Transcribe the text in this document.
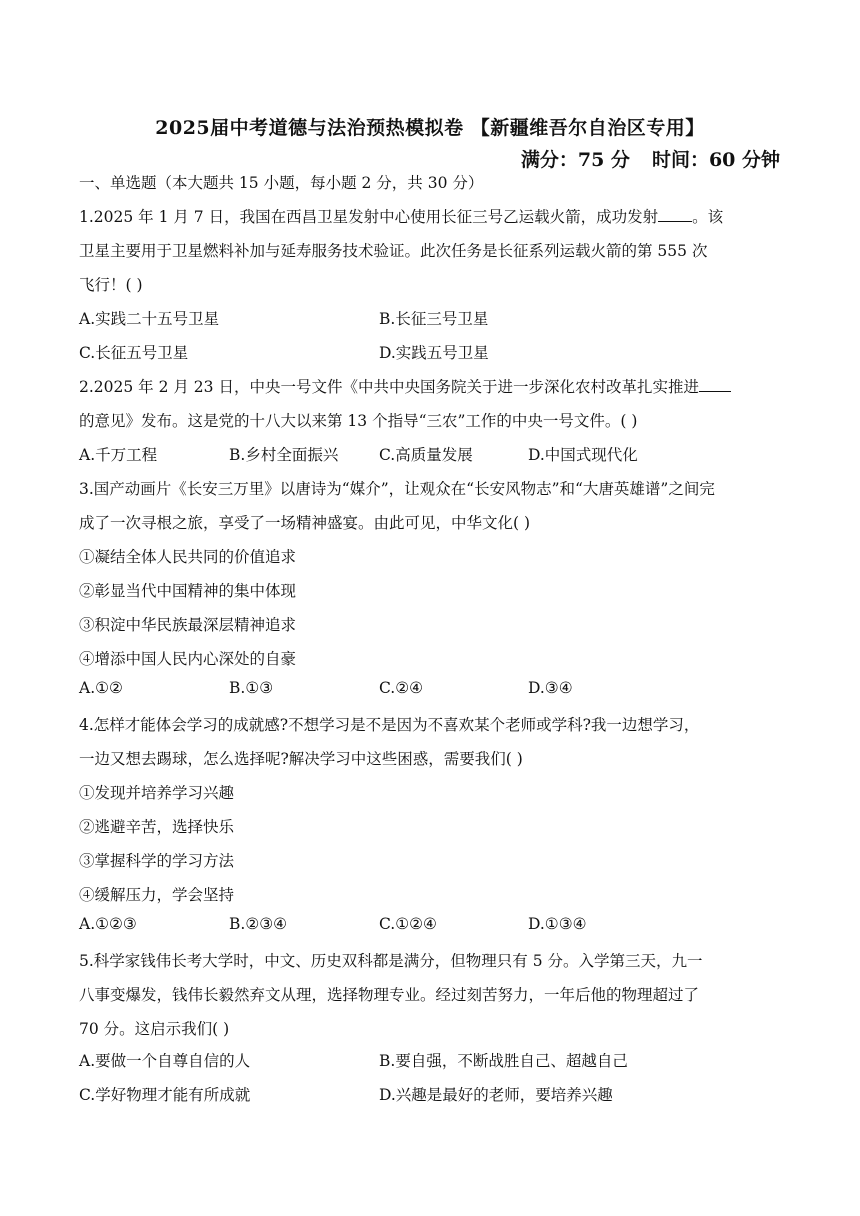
2025届中考道德与法治预热模拟卷 【新疆维吾尔自治区专用】
满分：75 分 时间：60 分钟
一、单选题（本大题共 15 小题，每小题 2 分，共 30 分）
1.2025 年 1 月 7 日，我国在西昌卫星发射中心使用长征三号乙运载火箭，成功发射 。该
卫星主要用于卫星燃料补加与延寿服务技术验证。此次任务是长征系列运载火箭的第 555 次
飞行！( )
A.实践二十五号卫星	B.长征三号卫星
C.长征五号卫星	D.实践五号卫星
2.2025 年 2 月 23 日，中央一号文件《中共中央国务院关于进一步深化农村改革扎实推进
的意见》发布。这是党的十八大以来第 13 个指导“三农”工作的中央一号文件。( )
A.千万工程	B.乡村全面振兴	C.高质量发展	D.中国式现代化
3.国产动画片《长安三万里》以唐诗为“媒介”，让观众在“长安风物志”和“大唐英雄谱”之间完
成了一次寻根之旅，享受了一场精神盛宴。由此可见，中华文化( )
①凝结全体人民共同的价值追求
②彰显当代中国精神的集中体现
③积淀中华民族最深层精神追求
④增添中国人民内心深处的自豪
A.①②	B.①③	C.②④	D.③④
4.怎样才能体会学习的成就感?不想学习是不是因为不喜欢某个老师或学科?我一边想学习，
一边又想去踢球，怎么选择呢?解决学习中这些困惑，需要我们( )
①发现并培养学习兴趣
②逃避辛苦，选择快乐
③掌握科学的学习方法
④缓解压力，学会坚持
A.①②③	B.②③④	C.①②④	D.①③④
5.科学家钱伟长考大学时，中文、历史双科都是满分，但物理只有 5 分。入学第三天，九一
八事变爆发，钱伟长毅然弃文从理，选择物理专业。经过刻苦努力，一年后他的物理超过了
70 分。这启示我们( )
A.要做一个自尊自信的人	B.要自强，不断战胜自己、超越自己
C.学好物理才能有所成就	D.兴趣是最好的老师，要培养兴趣
